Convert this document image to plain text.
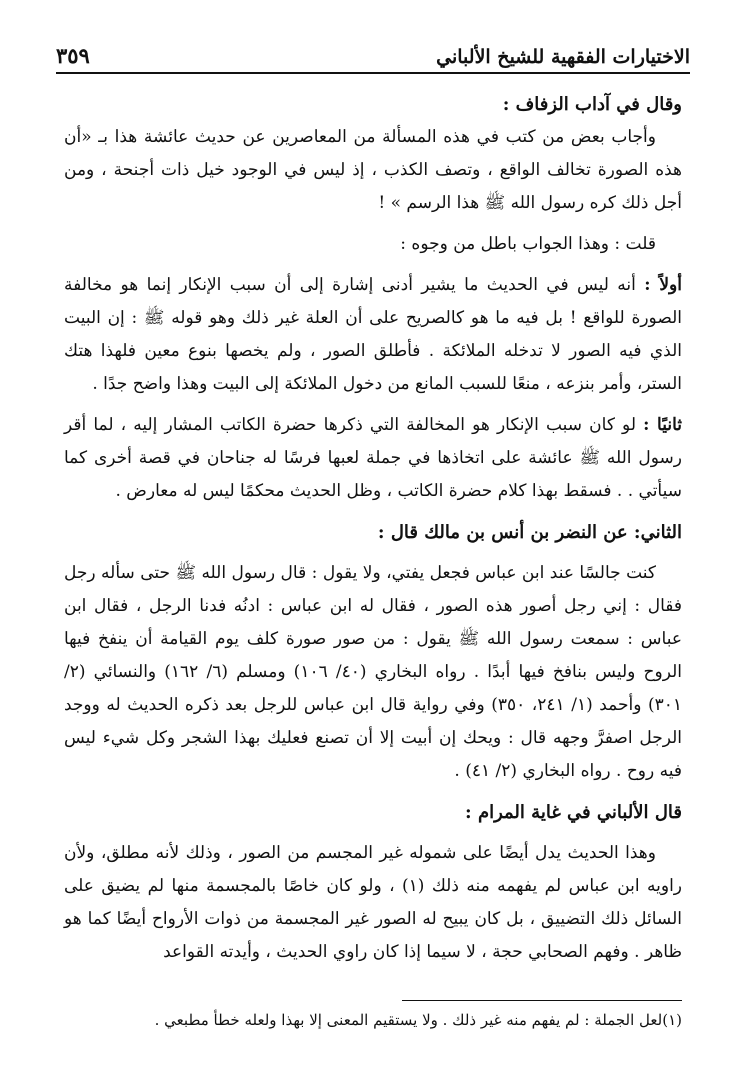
الاختيارات الفقهية للشيخ الألباني
٣٥٩

وقال في آداب الزفاف :

وأجاب بعض من كتب في هذه المسألة من المعاصرين عن حديث عائشة هذا بـ «أن هذه الصورة تخالف الواقع ، وتصف الكذب ، إذ ليس في الوجود خيل ذات أجنحة ، ومن أجل ذلك كره رسول الله ﷺ هذا الرسم » !

قلت : وهذا الجواب باطل من وجوه :

أولاً : أنه ليس في الحديث ما يشير أدنى إشارة إلى أن سبب الإنكار إنما هو مخالفة الصورة للواقع ! بل فيه ما هو كالصريح على أن العلة غير ذلك وهو قوله ﷺ : إن البيت الذي فيه الصور لا تدخله الملائكة . فأطلق الصور ، ولم يخصها بنوع معين فلهذا هتك الستر، وأمر بنزعه ، منعًا للسبب المانع من دخول الملائكة إلى البيت وهذا واضح جدًا .

ثانيًا : لو كان سبب الإنكار هو المخالفة التي ذكرها حضرة الكاتب المشار إليه ، لما أقر رسول الله ﷺ عائشة على اتخاذها في جملة لعبها فرسًا له جناحان في قصة أخرى كما سيأتي . . فسقط بهذا كلام حضرة الكاتب ، وظل الحديث محكمًا ليس له معارض .

الثاني: عن النضر بن أنس بن مالك قال :

كنت جالسًا عند ابن عباس فجعل يفتي، ولا يقول : قال رسول الله ﷺ حتى سأله رجل فقال : إني رجل أصور هذه الصور ، فقال له ابن عباس : ادنُه فدنا الرجل ، فقال ابن عباس : سمعت رسول الله ﷺ يقول : من صور صورة كلف يوم القيامة أن ينفخ فيها الروح وليس بنافخ فيها أبدًا . رواه البخاري (٤٠/ ١٠٦) ومسلم (٦/ ١٦٢) والنسائي (٢/ ٣٠١) وأحمد (١/ ٢٤١، ٣٥٠) وفي رواية قال ابن عباس للرجل بعد ذكره الحديث له ووجد الرجل اصفرَّ وجهه قال : ويحك إن أبيت إلا أن تصنع فعليك بهذا الشجر وكل شيء ليس فيه روح . رواه البخاري (٢/ ٤١) .

قال الألباني في غاية المرام :

وهذا الحديث يدل أيضًا على شموله غير المجسم من الصور ، وذلك لأنه مطلق، ولأن راويه ابن عباس لم يفهمه منه ذلك (١) ، ولو كان خاصًا بالمجسمة منها لم يضيق على السائل ذلك التضييق ، بل كان يبيح له الصور غير المجسمة من ذوات الأرواح أيضًا كما هو ظاهر . وفهم الصحابي حجة ، لا سيما إذا كان راوي الحديث ، وأيدته القواعد

(١)لعل الجملة : لم يفهم منه غير ذلك . ولا يستقيم المعنى إلا بهذا ولعله خطأ مطبعي .
